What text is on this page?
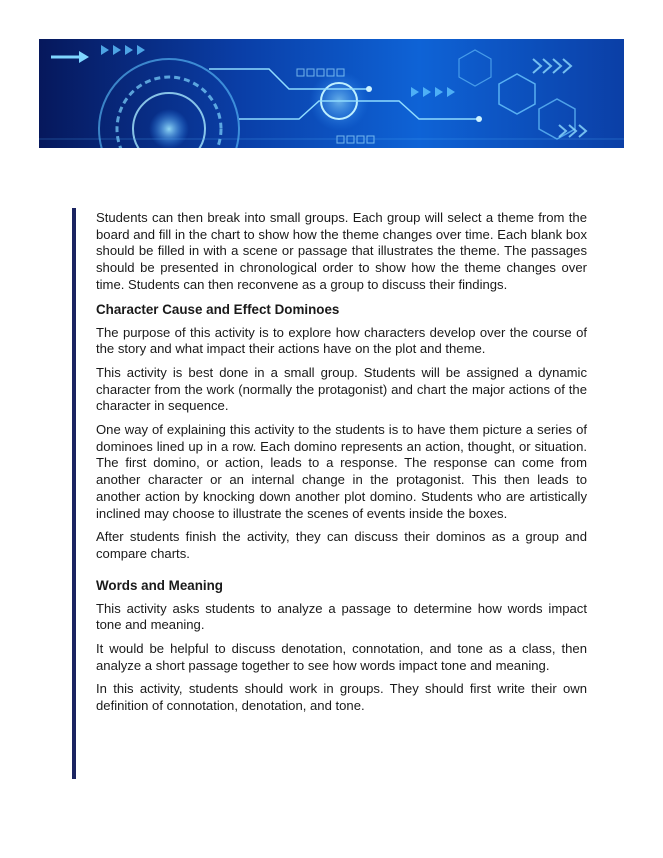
Students can then break into small groups. Each group will select a theme from the board and fill in the chart to show how the theme changes over time. Each blank box should be filled in with a scene or passage that illustrates the theme. The passages should be presented in chronological order to show how the theme changes over time. Students can then reconvene as a group to discuss their findings.

Character Cause and Effect Dominoes

The purpose of this activity is to explore how characters develop over the course of the story and what impact their actions have on the plot and theme.

This activity is best done in a small group. Students will be assigned a dynamic character from the work (normally the protagonist) and chart the major actions of the character in sequence.

One way of explaining this activity to the students is to have them picture a series of dominoes lined up in a row. Each domino represents an action, thought, or situation. The first domino, or action, leads to a response. The response can come from another character or an internal change in the protagonist. This then leads to another action by knocking down another plot domino. Students who are artistically inclined may choose to illustrate the scenes of events inside the boxes.

After students finish the activity, they can discuss their dominos as a group and compare charts.

Words and Meaning

This activity asks students to analyze a passage to determine how words impact tone and meaning.

It would be helpful to discuss denotation, connotation, and tone as a class, then analyze a short passage together to see how words impact tone and meaning.

In this activity, students should work in groups. They should first write their own definition of connotation, denotation, and tone.
